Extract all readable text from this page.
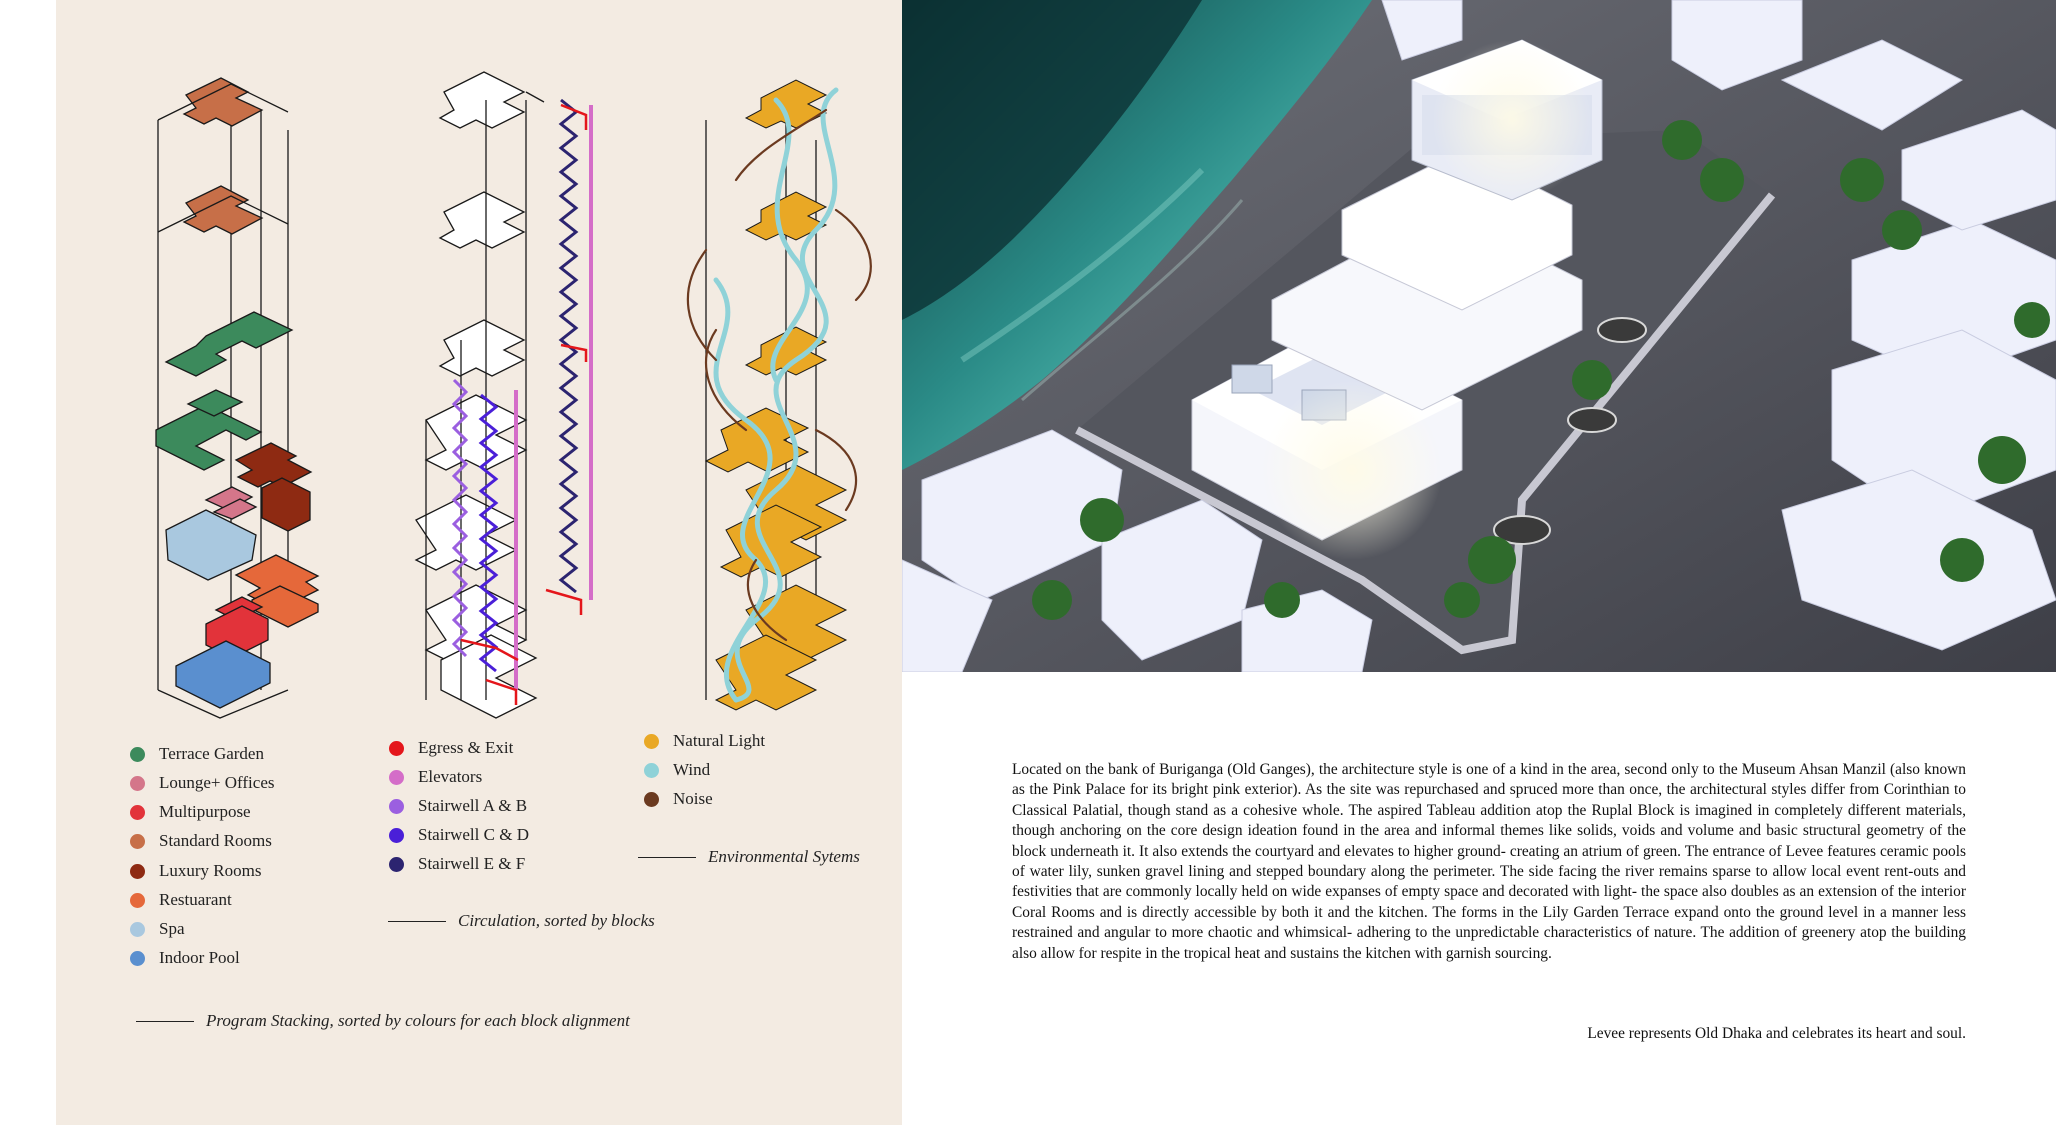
Terrace Garden
Lounge+ Offices
Multipurpose
Standard Rooms
Luxury Rooms
Restuarant
Spa
Indoor Pool
Egress & Exit
Elevators
Stairwell A & B
Stairwell C & D
Stairwell E & F
Natural Light
Wind
Noise
Program Stacking, sorted by colours for each block alignment
Circulation, sorted by blocks
Environmental Sytems
Located on the bank of Buriganga (Old Ganges), the architecture style is one of a kind in the area, second only to the Museum Ahsan Manzil (also known as the Pink Palace for its bright pink exterior). As the site was repurchased and spruced more than once, the architectural styles differ from Corinthian to Classical Palatial, though stand as a cohesive whole. The aspired Tableau addition atop the Ruplal Block is imagined in completely different materials, though anchoring on the core design ideation found in the area and informal themes like solids, voids and volume and basic structural geometry of the block underneath it. It also extends the courtyard and elevates to higher ground- creating an atrium of green. The entrance of Levee features ceramic pools of water lily, sunken gravel lining and stepped boundary along the perimeter. The side facing the river remains sparse to allow local event rent-outs and festivities that are commonly locally held on wide expanses of empty space and decorated with light- the space also doubles as an extension of the interior Coral Rooms and is directly accessible by both it and the kitchen. The forms in the Lily Garden Terrace expand onto the ground level in a manner less restrained and angular to more chaotic and whimsical- adhering to the unpredictable characteristics of nature. The addition of greenery atop the building also allow for respite in the tropical heat and sustains the kitchen with garnish sourcing.
Levee represents Old Dhaka and celebrates its heart and soul.
